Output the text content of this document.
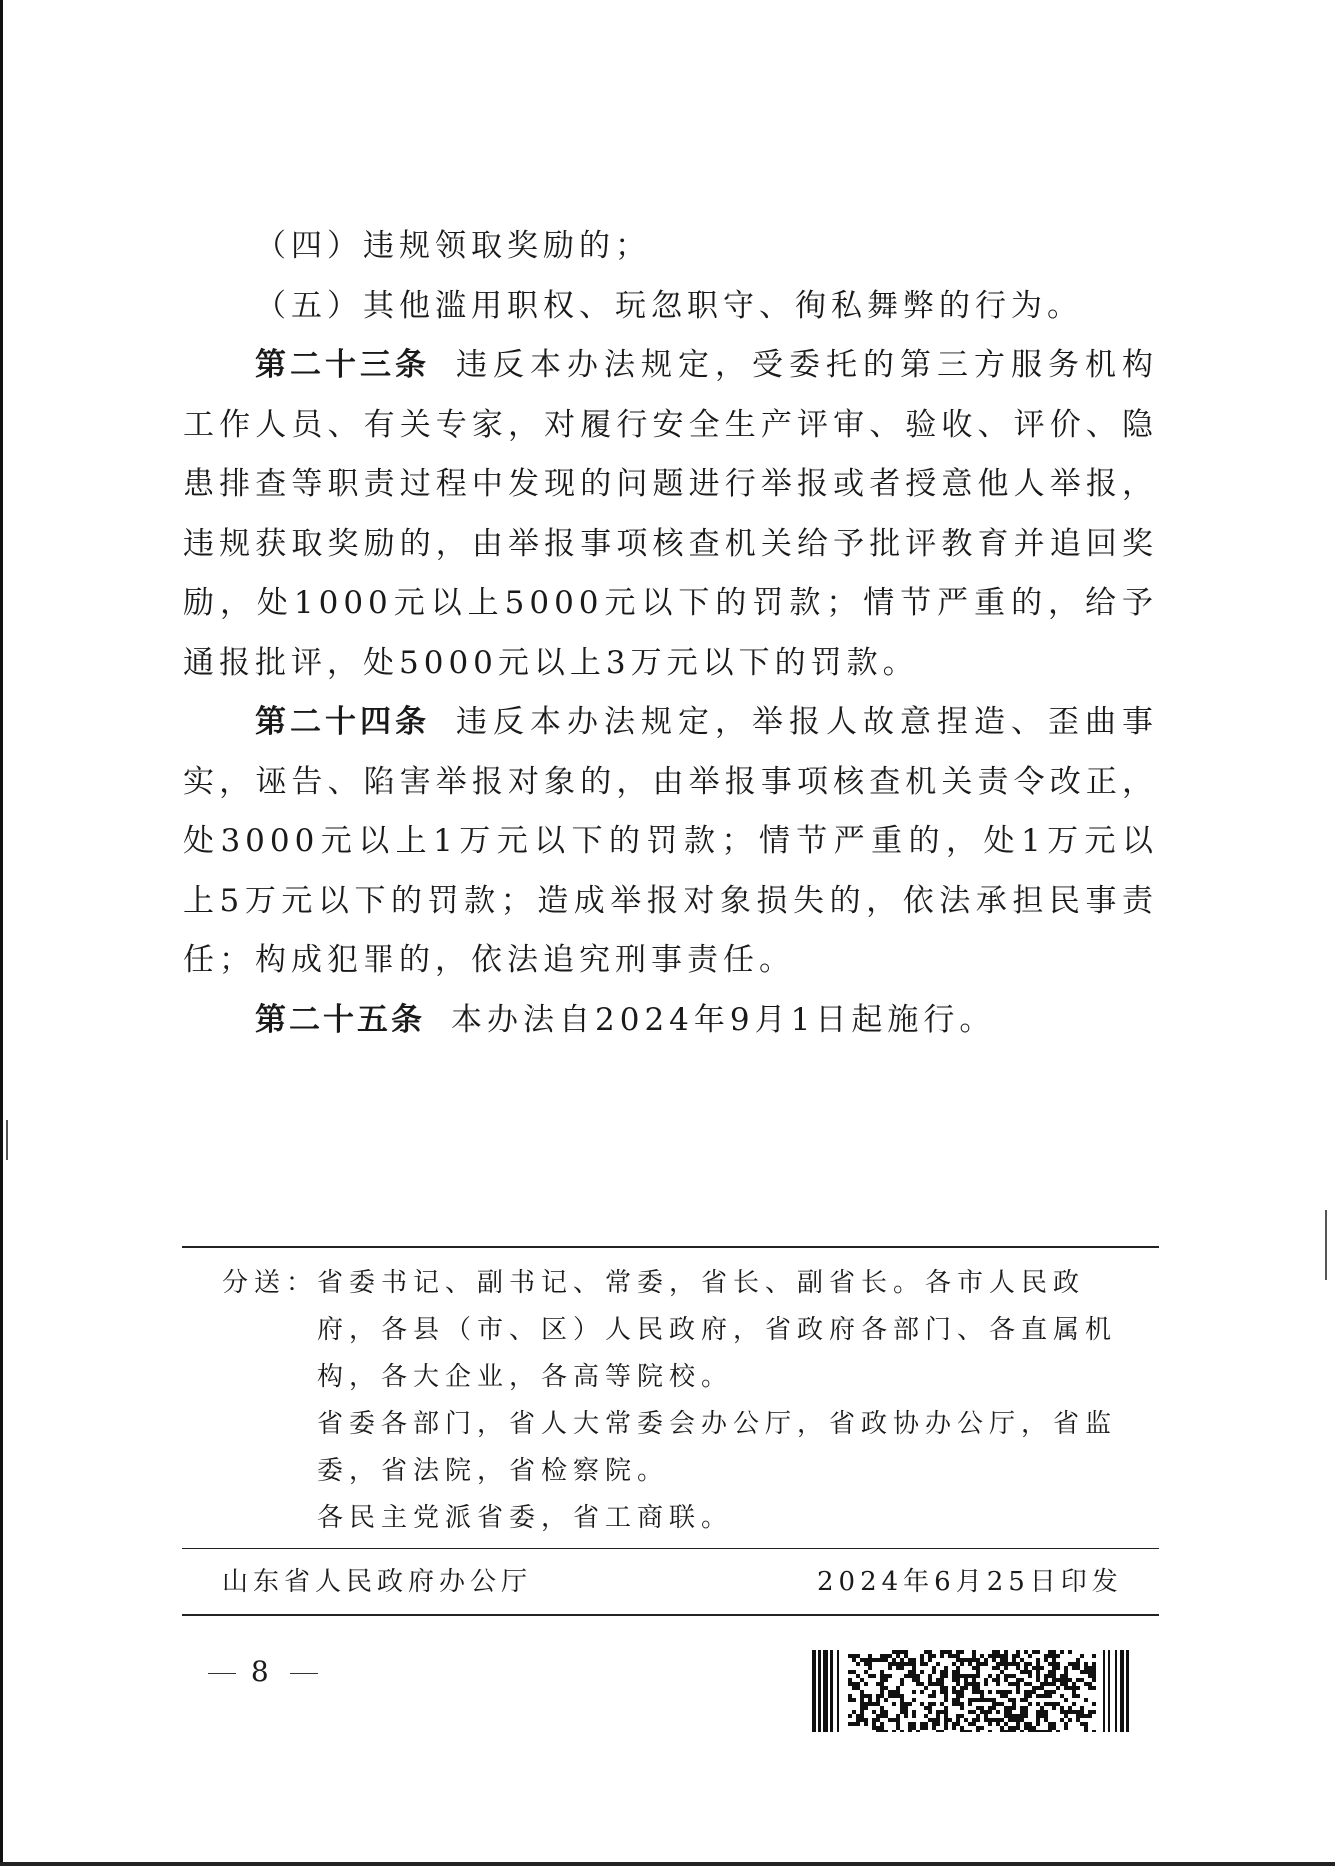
（四）违规领取奖励的；

（五）其他滥用职权、玩忽职守、徇私舞弊的行为。

第二十三条 违反本办法规定，受委托的第三方服务机构工作人员、有关专家，对履行安全生产评审、验收、评价、隐患排查等职责过程中发现的问题进行举报或者授意他人举报，违规获取奖励的，由举报事项核查机关给予批评教育并追回奖励，处1000元以上5000元以下的罚款；情节严重的，给予通报批评，处5000元以上3万元以下的罚款。

第二十四条 违反本办法规定，举报人故意捏造、歪曲事实，诬告、陷害举报对象的，由举报事项核查机关责令改正，处3000元以上1万元以下的罚款；情节严重的，处1万元以上5万元以下的罚款；造成举报对象损失的，依法承担民事责任；构成犯罪的，依法追究刑事责任。

第二十五条 本办法自2024年9月1日起施行。

分送：
省委书记、副书记、常委，省长、副省长。各市人民政府，各县（市、区）人民政府，省政府各部门、各直属机构，各大企业，各高等院校。
省委各部门，省人大常委会办公厅，省政协办公厅，省监委，省法院，省检察院。
各民主党派省委，省工商联。
山东省人民政府办公厅	2024年6月25日印发
8
